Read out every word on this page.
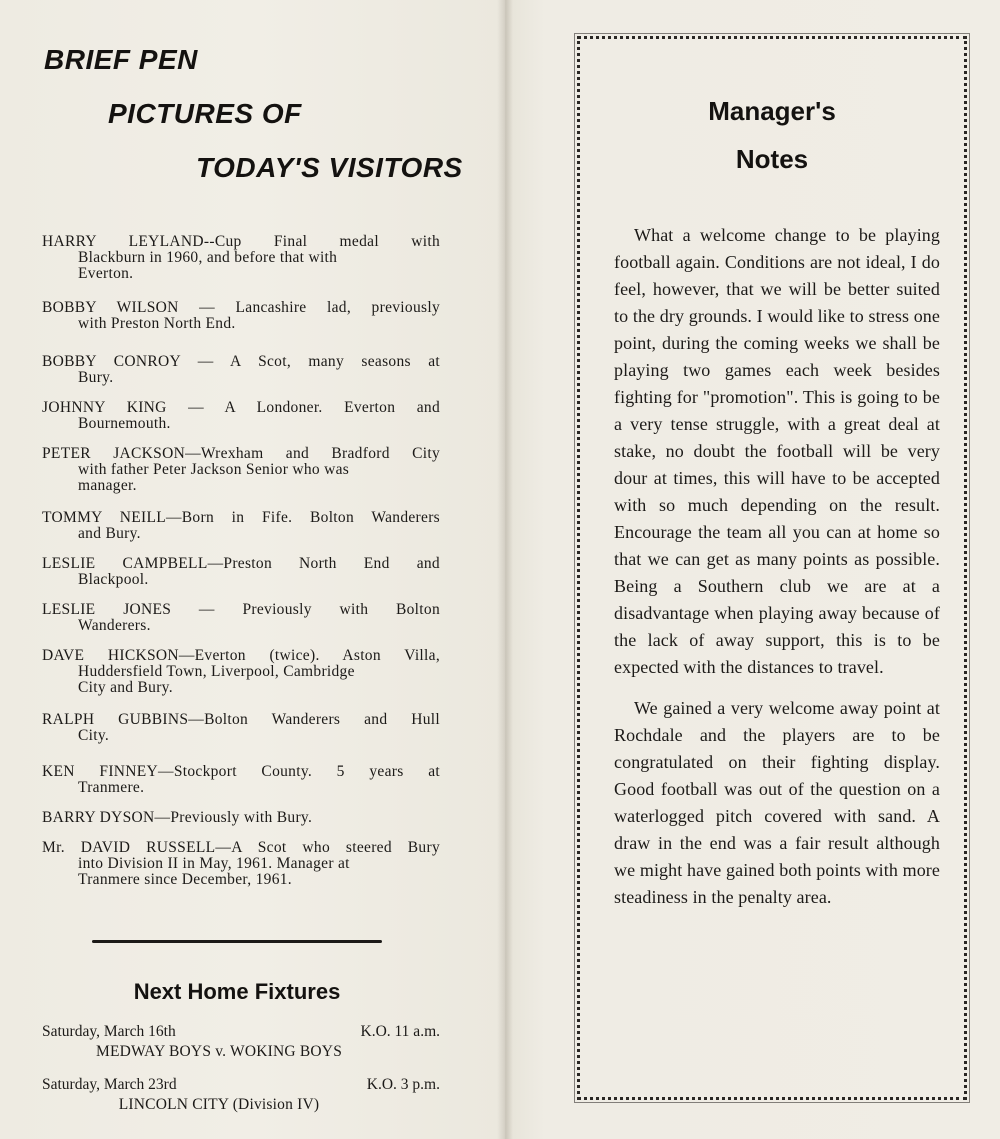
BRIEF PEN
PICTURES OF
TODAY'S VISITORS
HARRY LEYLAND--Cup Final medal with
Blackburn in 1960, and before that with
Everton.
BOBBY WILSON — Lancashire lad, previously
with Preston North End.
BOBBY CONROY — A Scot, many seasons at
Bury.
JOHNNY KING — A Londoner. Everton and
Bournemouth.
PETER JACKSON—Wrexham and Bradford City
with father Peter Jackson Senior who was
manager.
TOMMY NEILL—Born in Fife. Bolton Wanderers
and Bury.
LESLIE CAMPBELL—Preston North End and
Blackpool.
LESLIE JONES — Previously with Bolton
Wanderers.
DAVE HICKSON—Everton (twice). Aston Villa,
Huddersfield Town, Liverpool, Cambridge
City and Bury.
RALPH GUBBINS—Bolton Wanderers and Hull
City.
KEN FINNEY—Stockport County. 5 years at
Tranmere.
BARRY DYSON—Previously with Bury.
Mr. DAVID RUSSELL—A Scot who steered Bury
into Division II in May, 1961. Manager at
Tranmere since December, 1961.
Next Home Fixtures
Saturday, March 16th	K.O. 11 a.m.
MEDWAY BOYS v. WOKING BOYS
Saturday, March 23rd	K.O. 3 p.m.
LINCOLN CITY (Division IV)
Manager's
Notes

What a welcome change to be playing football again. Conditions are not ideal, I do feel, however, that we will be better suited to the dry grounds. I would like to stress one point, during the coming weeks we shall be playing two games each week besides fighting for "promotion". This is going to be a very tense struggle, with a great deal at stake, no doubt the football will be very dour at times, this will have to be accepted with so much depending on the result. Encourage the team all you can at home so that we can get as many points as possible. Being a Southern club we are at a disadvantage when playing away because of the lack of away support, this is to be expected with the distances to travel.

We gained a very welcome away point at Rochdale and the players are to be congratulated on their fighting display. Good football was out of the question on a waterlogged pitch covered with sand. A draw in the end was a fair result although we might have gained both points with more steadiness in the penalty area.
